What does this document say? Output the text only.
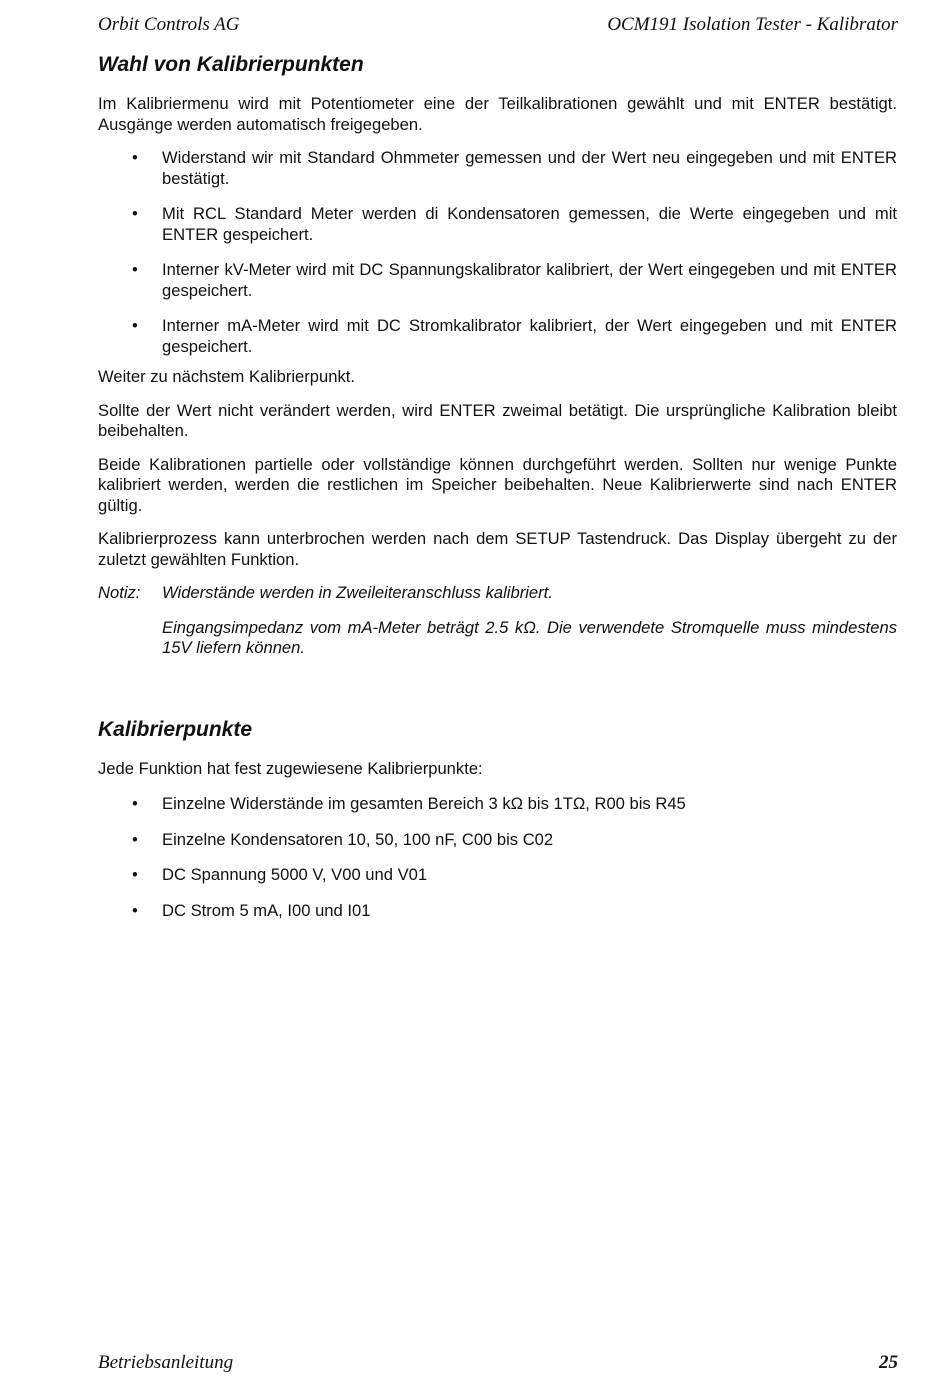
Orbit Controls AG	OCM191 Isolation Tester - Kalibrator
Wahl von Kalibrierpunkten

Im Kalibriermenu wird mit Potentiometer eine der Teilkalibrationen gewählt und mit ENTER bestätigt. Ausgänge werden automatisch freigegeben.

• Widerstand wir mit Standard Ohmmeter gemessen und der Wert neu eingegeben und mit ENTER bestätigt.
• Mit RCL Standard Meter werden di Kondensatoren gemessen, die Werte eingegeben und mit ENTER gespeichert.
• Interner kV-Meter wird mit DC Spannungskalibrator kalibriert, der Wert eingegeben und mit ENTER gespeichert.
• Interner mA-Meter wird mit DC Stromkalibrator kalibriert, der Wert eingegeben und mit ENTER gespeichert.

Weiter zu nächstem Kalibrierpunkt.

Sollte der Wert nicht verändert werden, wird ENTER zweimal betätigt. Die ursprüngliche Kalibration bleibt beibehalten.

Beide Kalibrationen partielle oder vollständige können durchgeführt werden. Sollten nur wenige Punkte kalibriert werden, werden die restlichen im Speicher beibehalten. Neue Kalibrierwerte sind nach ENTER gültig.

Kalibrierprozess kann unterbrochen werden nach dem SETUP Tastendruck. Das Display übergeht zu der zuletzt gewählten Funktion.

Notiz: Widerstände werden in Zweileiteranschluss kalibriert.

Eingangsimpedanz vom mA-Meter beträgt 2.5 kΩ. Die verwendete Stromquelle muss mindestens 15V liefern können.

Kalibrierpunkte

Jede Funktion hat fest zugewiesene Kalibrierpunkte:

• Einzelne Widerstände im gesamten Bereich 3 kΩ bis 1TΩ, R00 bis R45
• Einzelne Kondensatoren 10, 50, 100 nF, C00 bis C02
• DC Spannung 5000 V, V00 und V01
• DC Strom 5 mA, I00 und I01
Betriebsanleitung	25
